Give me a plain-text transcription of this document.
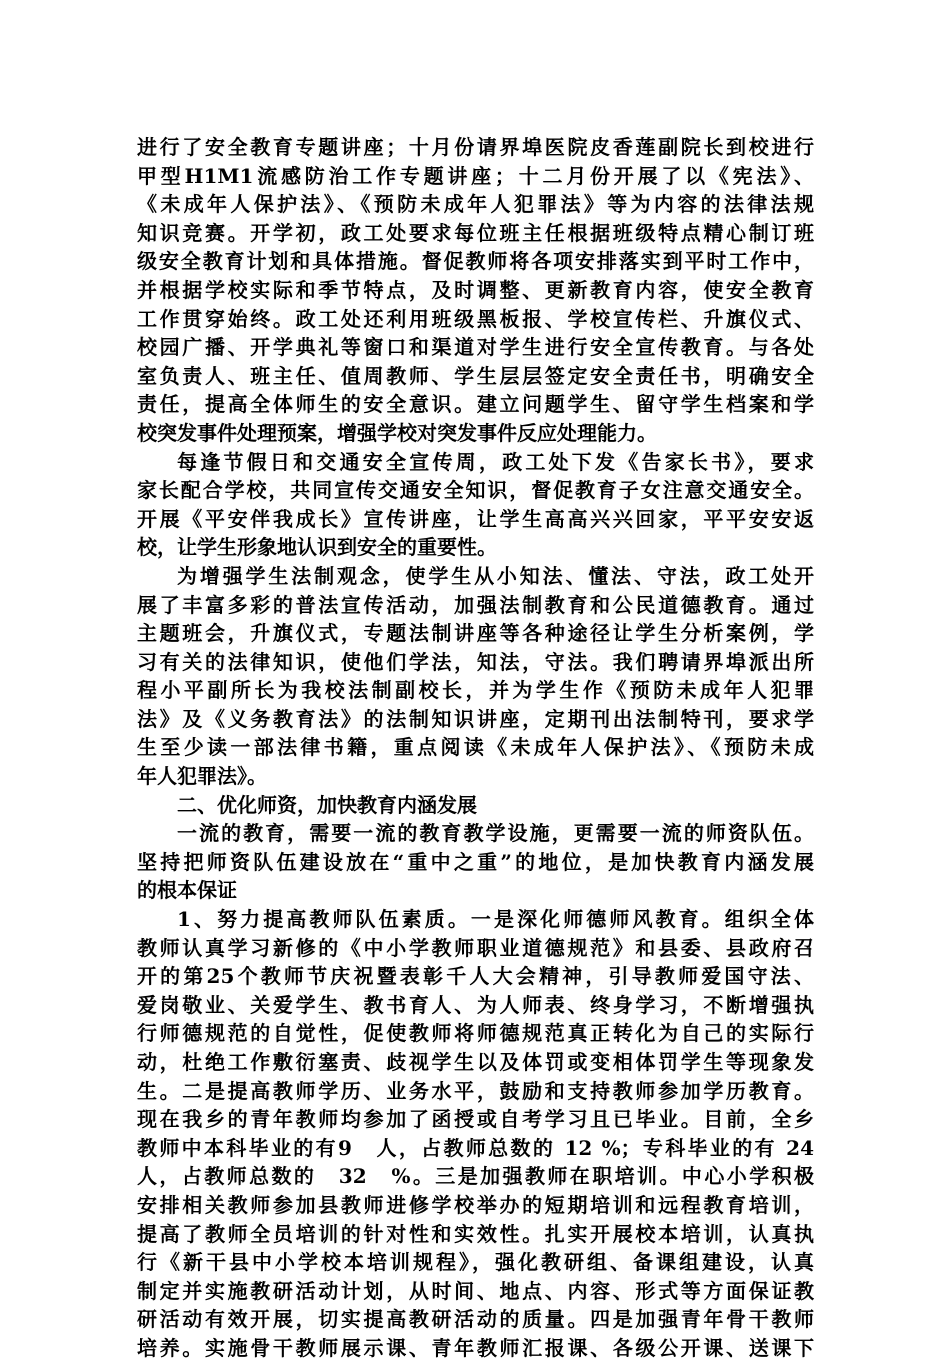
进行了安全教育专题讲座；十月份请界埠医院皮香莲副院长到校进行
甲型H1M1流感防治工作专题讲座；十二月份开展了以《宪法》、
《未成年人保护法》、《预防未成年人犯罪法》等为内容的法律法规
知识竞赛。开学初，政工处要求每位班主任根据班级特点精心制订班
级安全教育计划和具体措施。督促教师将各项安排落实到平时工作中，
并根据学校实际和季节特点，及时调整、更新教育内容，使安全教育
工作贯穿始终。政工处还利用班级黑板报、学校宣传栏、升旗仪式、
校园广播、开学典礼等窗口和渠道对学生进行安全宣传教育。与各处
室负责人、班主任、值周教师、学生层层签定安全责任书，明确安全
责任，提高全体师生的安全意识。建立问题学生、留守学生档案和学
校突发事件处理预案，增强学校对突发事件反应处理能力。
每逢节假日和交通安全宣传周，政工处下发《告家长书》，要求
家长配合学校，共同宣传交通安全知识，督促教育子女注意交通安全。
开展《平安伴我成长》宣传讲座，让学生高高兴兴回家，平平安安返
校，让学生形象地认识到安全的重要性。
为增强学生法制观念，使学生从小知法、懂法、守法，政工处开
展了丰富多彩的普法宣传活动，加强法制教育和公民道德教育。通过
主题班会，升旗仪式，专题法制讲座等各种途径让学生分析案例，学
习有关的法律知识，使他们学法，知法，守法。我们聘请界埠派出所
程小平副所长为我校法制副校长，并为学生作《预防未成年人犯罪
法》及《义务教育法》的法制知识讲座，定期刊出法制特刊，要求学
生至少读一部法律书籍，重点阅读《未成年人保护法》、《预防未成
年人犯罪法》。
二、优化师资，加快教育内涵发展
一流的教育，需要一流的教育教学设施，更需要一流的师资队伍。
坚持把师资队伍建设放在“重中之重”的地位，是加快教育内涵发展
的根本保证
1、努力提高教师队伍素质。一是深化师德师风教育。组织全体
教师认真学习新修的《中小学教师职业道德规范》和县委、县政府召
开的第25个教师节庆祝暨表彰千人大会精神，引导教师爱国守法、
爱岗敬业、关爱学生、教书育人、为人师表、终身学习，不断增强执
行师德规范的自觉性，促使教师将师德规范真正转化为自己的实际行
动，杜绝工作敷衍塞责、歧视学生以及体罚或变相体罚学生等现象发
生。二是提高教师学历、业务水平，鼓励和支持教师参加学历教育。
现在我乡的青年教师均参加了函授或自考学习且已毕业。目前，全乡
教师中本科毕业的有9　人，占教师总数的 12 %；专科毕业的有 24
人，占教师总数的　32　%。三是加强教师在职培训。中心小学积极
安排相关教师参加县教师进修学校举办的短期培训和远程教育培训，
提高了教师全员培训的针对性和实效性。扎实开展校本培训，认真执
行《新干县中小学校本培训规程》，强化教研组、备课组建设，认真
制定并实施教研活动计划，从时间、地点、内容、形式等方面保证教
研活动有效开展，切实提高教研活动的质量。四是加强青年骨干教师
培养。实施骨干教师展示课、青年教师汇报课、各级公开课、送课下
